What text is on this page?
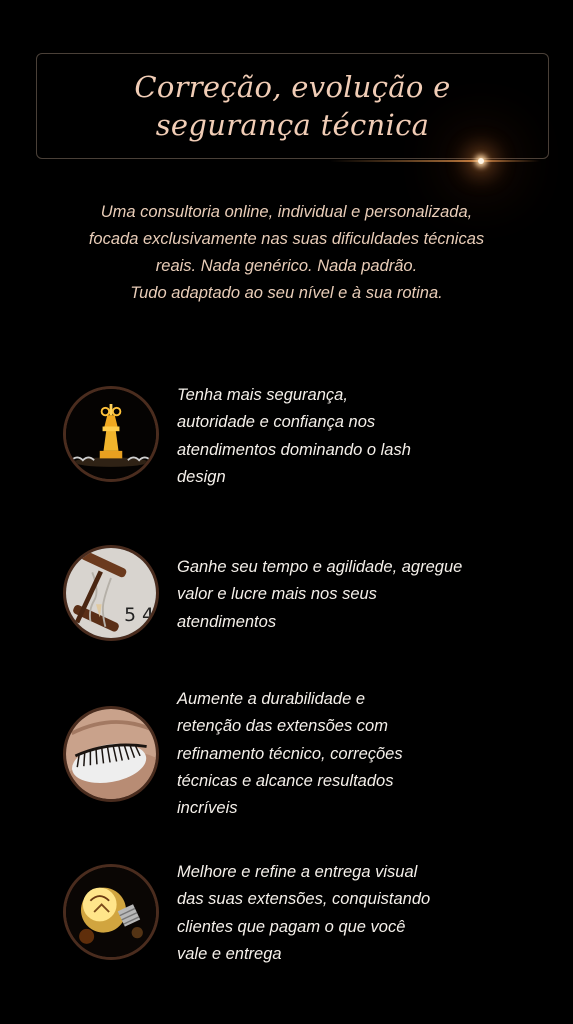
Correção, evolução e
segurança técnica
Uma consultoria online, individual e personalizada,
focada exclusivamente nas suas dificuldades técnicas
reais. Nada genérico. Nada padrão.
Tudo adaptado ao seu nível e à sua rotina.
Tenha mais segurança,
autoridade e confiança nos
atendimentos dominando o lash
design
5 4
Ganhe seu tempo e agilidade, agregue
valor e lucre mais nos seus
atendimentos
Aumente a durabilidade e
retenção das extensões com
refinamento técnico, correções
técnicas e alcance resultados
incríveis
Melhore e refine a entrega visual
das suas extensões, conquistando
clientes que pagam o que você
vale e entrega
